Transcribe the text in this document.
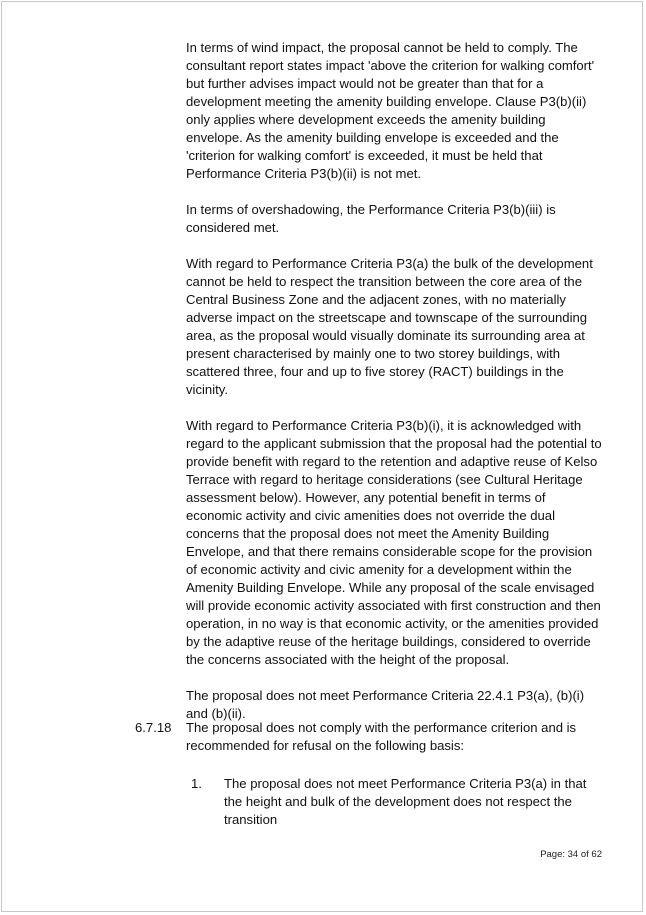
In terms of wind impact, the proposal cannot be held to comply. The consultant report states impact 'above the criterion for walking comfort' but further advises impact would not be greater than that for a development meeting the amenity building envelope. Clause P3(b)(ii) only applies where development exceeds the amenity building envelope. As the amenity building envelope is exceeded and the 'criterion for walking comfort' is exceeded, it must be held that Performance Criteria P3(b)(ii) is not met.

In terms of overshadowing, the Performance Criteria P3(b)(iii) is considered met.

With regard to Performance Criteria P3(a) the bulk of the development cannot be held to respect the transition between the core area of the Central Business Zone and the adjacent zones, with no materially adverse impact on the streetscape and townscape of the surrounding area, as the proposal would visually dominate its surrounding area at present characterised by mainly one to two storey buildings, with scattered three, four and up to five storey (RACT) buildings in the vicinity.

With regard to Performance Criteria P3(b)(i), it is acknowledged with regard to the applicant submission that the proposal had the potential to provide benefit with regard to the retention and adaptive reuse of Kelso Terrace with regard to heritage considerations (see Cultural Heritage assessment below). However, any potential benefit in terms of economic activity and civic amenities does not override the dual concerns that the proposal does not meet the Amenity Building Envelope, and that there remains considerable scope for the provision of economic activity and civic amenity for a development within the Amenity Building Envelope. While any proposal of the scale envisaged will provide economic activity associated with first construction and then operation, in no way is that economic activity, or the amenities provided by the adaptive reuse of the heritage buildings, considered to override the concerns associated with the height of the proposal.

The proposal does not meet Performance Criteria 22.4.1 P3(a), (b)(i) and (b)(ii).

6.7.18 The proposal does not comply with the performance criterion and is recommended for refusal on the following basis:
1. The proposal does not meet Performance Criteria P3(a) in that the height and bulk of the development does not respect the transition
Page: 34 of 62
